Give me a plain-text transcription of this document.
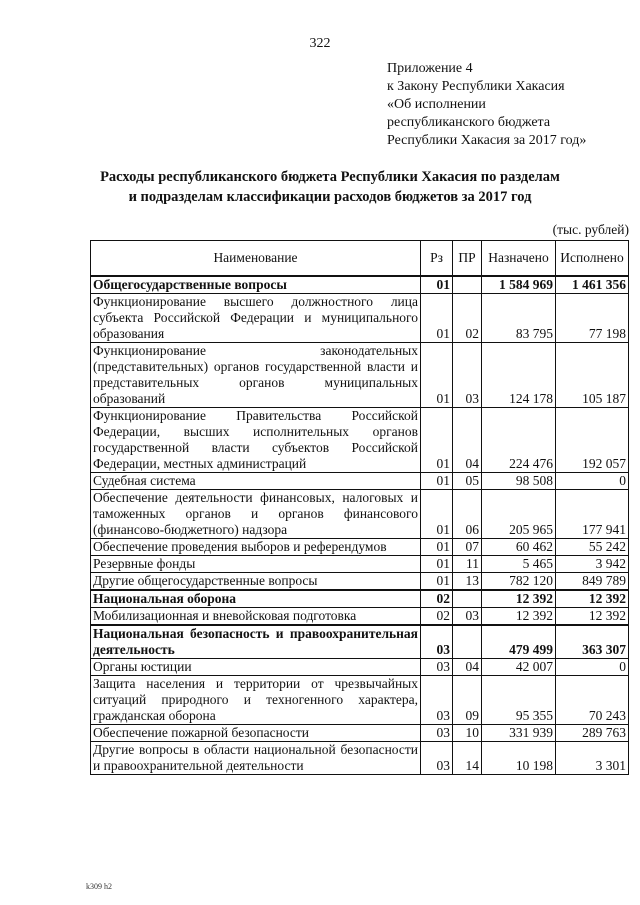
322
Приложение 4
к Закону Республики Хакасия
«Об исполнении
республиканского бюджета
Республики Хакасия за 2017 год»
Расходы республиканского бюджета Республики Хакасия по разделам
и подразделам классификации расходов бюджетов за 2017 год
(тыс. рублей)
Наименование	Рз	ПР	Назначено	Исполнено
Общегосударственные вопросы	01		1 584 969	1 461 356
Функционирование высшего должностного лица субъекта Российской Федерации и муниципального образования	01	02	83 795	77 198
Функционирование законодательных (представительных) органов государственной власти и представительных органов муниципальных образований	01	03	124 178	105 187
Функционирование Правительства Российской Федерации, высших исполнительных органов государственной власти субъектов Российской Федерации, местных администраций	01	04	224 476	192 057
Судебная система	01	05	98 508	0
Обеспечение деятельности финансовых, налоговых и таможенных органов и органов финансового (финансово-бюджетного) надзора	01	06	205 965	177 941
Обеспечение проведения выборов и референдумов	01	07	60 462	55 242
Резервные фонды	01	11	5 465	3 942
Другие общегосударственные вопросы	01	13	782 120	849 789
Национальная оборона	02		12 392	12 392
Мобилизационная и вневойсковая подготовка	02	03	12 392	12 392
Национальная безопасность и правоохранительная деятельность	03		479 499	363 307
Органы юстиции	03	04	42 007	0
Защита населения и территории от чрезвычайных ситуаций природного и техногенного характера, гражданская оборона	03	09	95 355	70 243
Обеспечение пожарной безопасности	03	10	331 939	289 763
Другие вопросы в области национальной безопасности и правоохранительной деятельности	03	14	10 198	3 301
k309 h2
